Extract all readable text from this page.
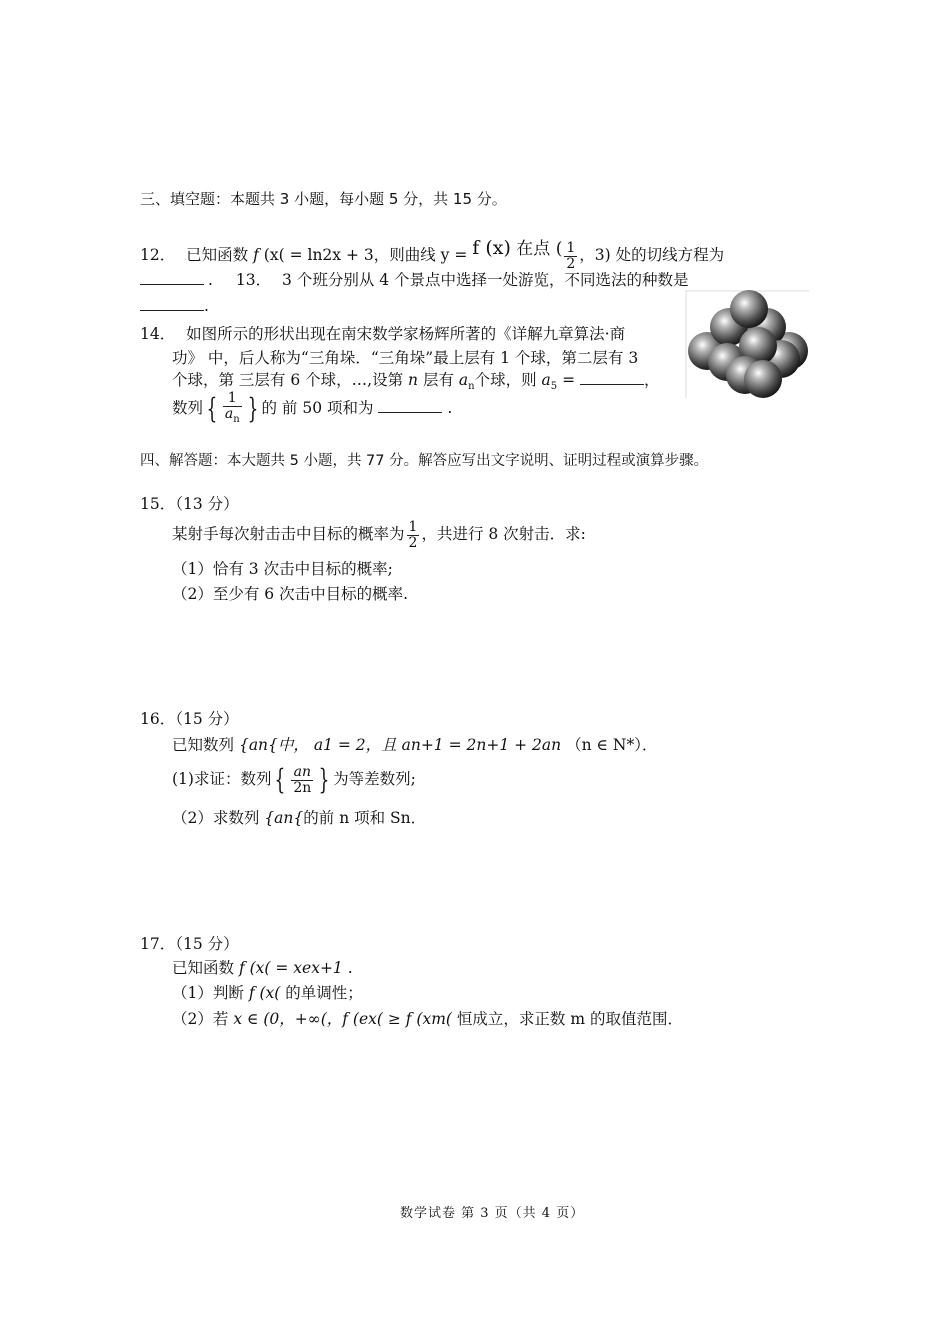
三、填空题：本题共 3 小题，每小题 5 分，共 15 分。
12． 已知函数 f (x( = ln2x + 3，则曲线 y = f (x) 在点 ( $\frac{1}{2}$ ，3) 处的切线方程为
. 13． 3 个班分别从 4 个景点中选择一处游览，不同选法的种数是
.
14． 如图所示的形状出现在南宋数学家杨辉所著的《详解九章算法·商
功》 中，后人称为“三角垛．“三角垛”最上层有 1 个球，第二层有 3
个球，第 三层有 6 个球，…,设第 n 层有 $a_n$个球，则 $a_5$ =	，
数列 { $\frac{1}{a_n}$ } 的 前 50 项和为	.
四、解答题：本大题共 5 小题，共 77 分。解答应写出文字说明、证明过程或演算步骤。
15．（13 分）
某射手每次射击击中目标的概率为 $\frac{1}{2}$ ，共进行 8 次射击．求:
（1）恰有 3 次击中目标的概率;
（2）至少有 6 次击中目标的概率.
16．（15 分）
已知数列 {an{中， a1 = 2，且 an+1 = 2n+1 + 2an （n ∈ N*）．
(1)求证：数列 { $\frac{an}{2n}$ } 为等差数列;
（2）求数列 {an{的前 n 项和 Sn．
17．（15 分）
已知函数 f (x( = xex+1 .
（1）判断 f (x( 的单调性；
（2）若 x ∈ (0，+∞(，f (ex( ≥ f (xm( 恒成立，求正数 m 的取值范围．
数学试卷 第 3 页（共 4 页）
